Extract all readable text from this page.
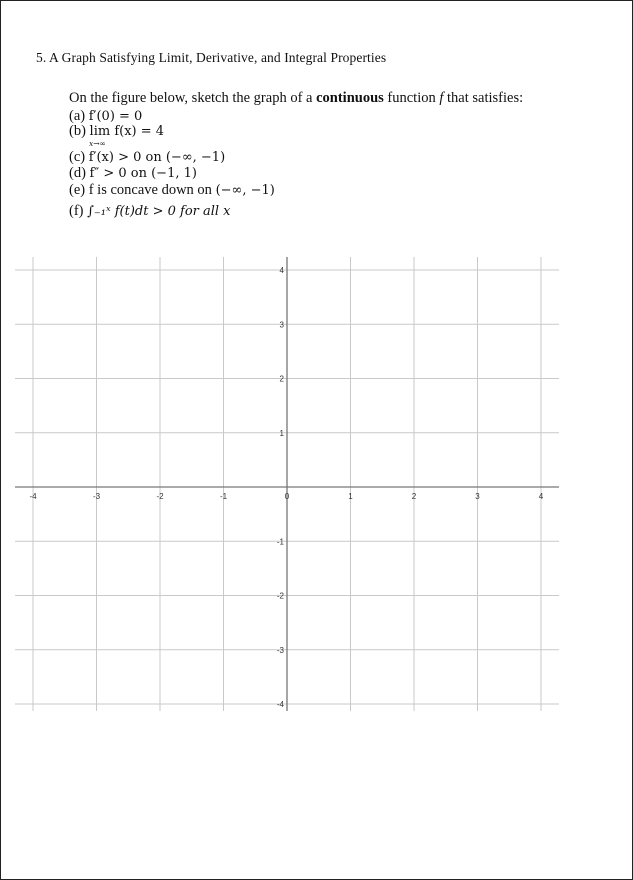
5. A Graph Satisfying Limit, Derivative, and Integral Properties
On the figure below, sketch the graph of a continuous function f that satisfies:
(a) f′(0) = 0
(b) lim f(x) = 4
x→∞
(c) f′(x) > 0 on (−∞, −1)
(d) f″ > 0 on (−1, 1)
(e) f is concave down on (−∞, −1)
(f) ∫₋₁ˣ f(t)dt > 0 for all x
-4	-3	-2	-1	0	1	2	3	4
4
3
2
1
-1
-2
-3
-4
